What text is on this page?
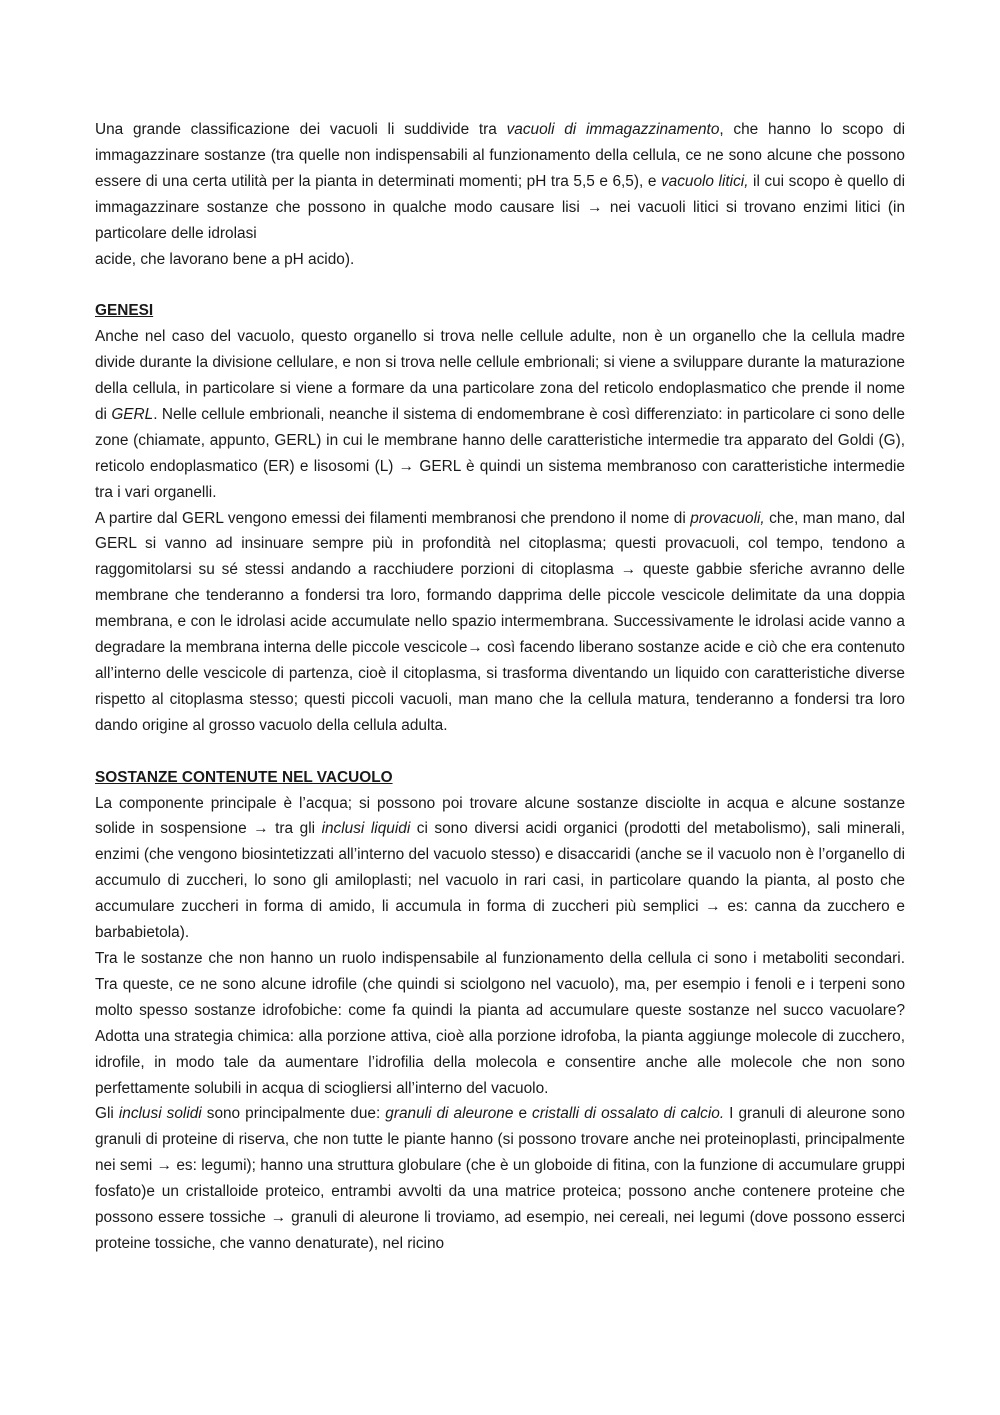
Una grande classificazione dei vacuoli li suddivide tra vacuoli di immagazzinamento, che hanno lo scopo di immagazzinare sostanze (tra quelle non indispensabili al funzionamento della cellula, ce ne sono alcune che possono essere di una certa utilità per la pianta in determinati momenti; pH tra 5,5 e 6,5), e vacuolo litici, il cui scopo è quello di immagazzinare sostanze che possono in qualche modo causare lisi → nei vacuoli litici si trovano enzimi litici (in particolare delle idrolasi

acide, che lavorano bene a pH acido).

GENESI

Anche nel caso del vacuolo, questo organello si trova nelle cellule adulte, non è un organello che la cellula madre divide durante la divisione cellulare, e non si trova nelle cellule embrionali; si viene a sviluppare durante la maturazione della cellula, in particolare si viene a formare da una particolare zona del reticolo endoplasmatico che prende il nome di GERL. Nelle cellule embrionali, neanche il sistema di endomembrane è così differenziato: in particolare ci sono delle zone (chiamate, appunto, GERL) in cui le membrane hanno delle caratteristiche intermedie tra apparato del Goldi (G), reticolo endoplasmatico (ER) e lisosomi (L) → GERL è quindi un sistema membranoso con caratteristiche intermedie tra i vari organelli.

A partire dal GERL vengono emessi dei filamenti membranosi che prendono il nome di provacuoli, che, man mano, dal GERL si vanno ad insinuare sempre più in profondità nel citoplasma; questi provacuoli, col tempo, tendono a raggomitolarsi su sé stessi andando a racchiudere porzioni di citoplasma → queste gabbie sferiche avranno delle membrane che tenderanno a fondersi tra loro, formando dapprima delle piccole vescicole delimitate da una doppia membrana, e con le idrolasi acide accumulate nello spazio intermembrana. Successivamente le idrolasi acide vanno a degradare la membrana interna delle piccole vescicole→ così facendo liberano sostanze acide e ciò che era contenuto all’interno delle vescicole di partenza, cioè il citoplasma, si trasforma diventando un liquido con caratteristiche diverse rispetto al citoplasma stesso; questi piccoli vacuoli, man mano che la cellula matura, tenderanno a fondersi tra loro dando origine al grosso vacuolo della cellula adulta.

SOSTANZE CONTENUTE NEL VACUOLO

La componente principale è l’acqua; si possono poi trovare alcune sostanze disciolte in acqua e alcune sostanze solide in sospensione → tra gli inclusi liquidi ci sono diversi acidi organici (prodotti del metabolismo), sali minerali, enzimi (che vengono biosintetizzati all’interno del vacuolo stesso) e disaccaridi (anche se il vacuolo non è l’organello di accumulo di zuccheri, lo sono gli amiloplasti; nel vacuolo in rari casi, in particolare quando la pianta, al posto che accumulare zuccheri in forma di amido, li accumula in forma di zuccheri più semplici → es: canna da zucchero e barbabietola).

Tra le sostanze che non hanno un ruolo indispensabile al funzionamento della cellula ci sono i metaboliti secondari. Tra queste, ce ne sono alcune idrofile (che quindi si sciolgono nel vacuolo), ma, per esempio i fenoli e i terpeni sono molto spesso sostanze idrofobiche: come fa quindi la pianta ad accumulare queste sostanze nel succo vacuolare? Adotta una strategia chimica: alla porzione attiva, cioè alla porzione idrofoba, la pianta aggiunge molecole di zucchero, idrofile, in modo tale da aumentare l’idrofilia della molecola e consentire anche alle molecole che non sono perfettamente solubili in acqua di sciogliersi all’interno del vacuolo.

Gli inclusi solidi sono principalmente due: granuli di aleurone e cristalli di ossalato di calcio. I granuli di aleurone sono granuli di proteine di riserva, che non tutte le piante hanno (si possono trovare anche nei proteinoplasti, principalmente nei semi → es: legumi); hanno una struttura globulare (che è un globoide di fitina, con la funzione di accumulare gruppi fosfato)e un cristalloide proteico, entrambi avvolti da una matrice proteica; possono anche contenere proteine che possono essere tossiche → granuli di aleurone li troviamo, ad esempio, nei cereali, nei legumi (dove possono esserci proteine tossiche, che vanno denaturate), nel ricino
